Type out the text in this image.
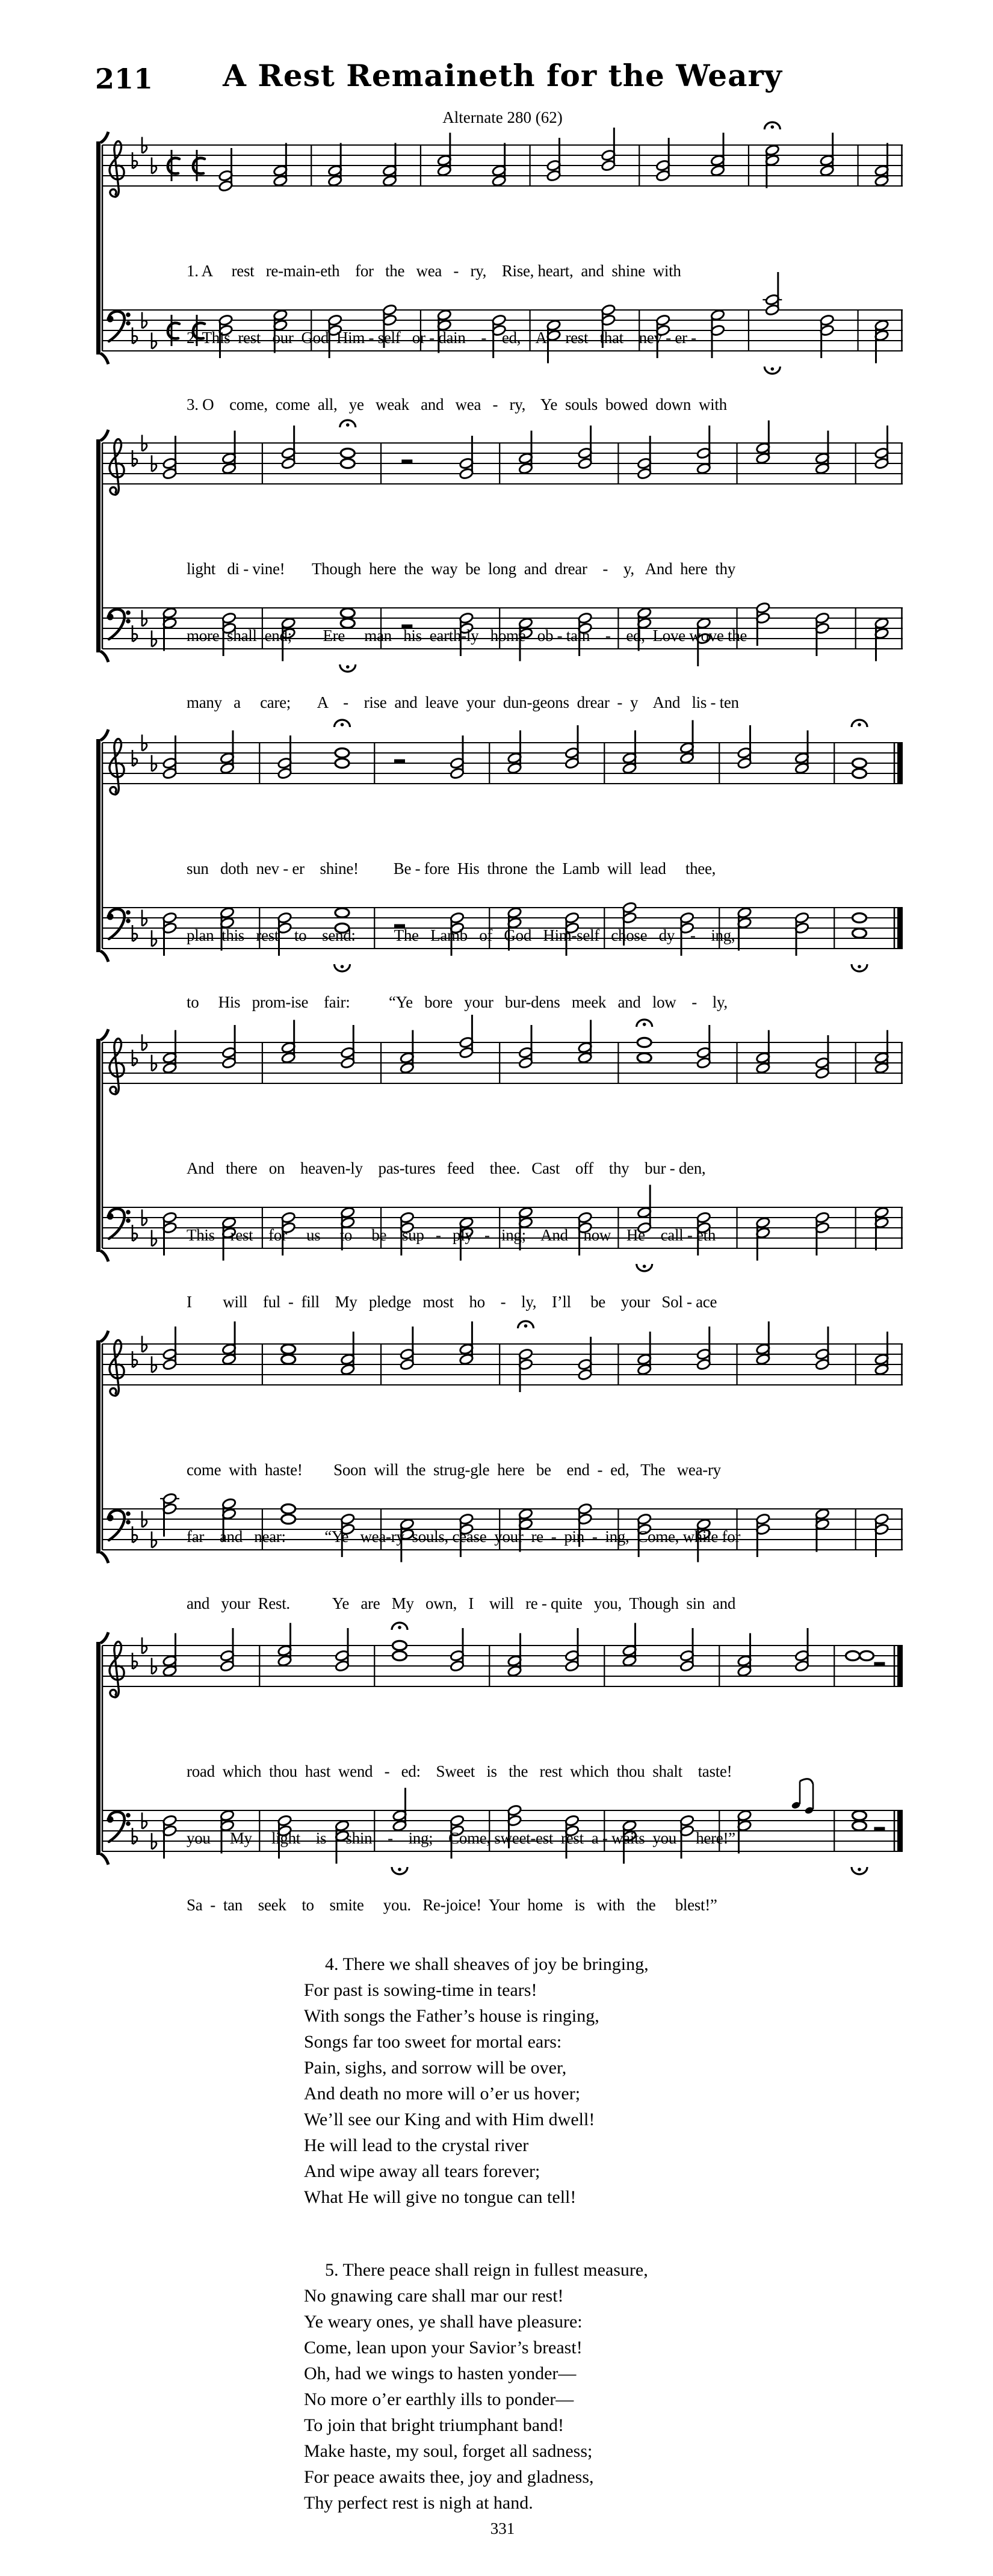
211	A Rest Remaineth for the Weary
Alternate 280 (62)

1. A     rest   re-main-eth    for   the   wea   -   ry,    Rise, heart,  and  shine  with

2. This  rest   our  God  Him - self   or - dain    -    ed,    A     rest   that    nev - er -

3. O    come,  come  all,   ye   weak   and   wea   -   ry,    Ye  souls  bowed  down  with

light   di - vine!       Though  here  the  way  be  long  and  drear    -    y,   And  here  thy

more  shall  end;        Ere     man   his  earth-ly   home   ob - tain    -    ed,  Love wove the

many   a     care;       A    -    rise  and  leave  your  dun-geons  drear  -  y    And   lis - ten

sun   doth  nev - er    shine!         Be - fore  His  throne  the  Lamb  will  lead     thee,

plan  this   rest    to    send:          The   Lamb   of   God   Him-self   chose   dy    -    ing,

to     His   prom-ise    fair:          “Ye   bore   your   bur-dens   meek   and   low    -    ly,

And   there   on    heaven-ly    pas-tures   feed    thee.   Cast    off    thy    bur - den,

This    rest    for     us     to     be    sup   -   ply   -   ing;    And    now    He    call - eth

I        will    ful  -  fill    My   pledge   most    ho    -    ly,    I’ll     be    your   Sol - ace

come  with  haste!        Soon  will  the  strug-gle  here   be    end  -  ed,   The   wea-ry

far    and   near:          “Ye   wea-ry  souls, cease  your  re  -  pin  -  ing,  Come, while for

and   your  Rest.           Ye   are   My   own,   I    will   re - quite   you,  Though  sin  and

road  which  thou  hast  wend   -   ed:    Sweet   is   the   rest  which  thou  shalt    taste!

you     My     light    is     shin    -    ing;    Come, sweet-est  rest  a - waits  you     here!”

Sa  -  tan    seek    to    smite     you.   Re-joice!  Your  home   is   with   the     blest!”

4. There we shall sheaves of joy be bringing,
For past is sowing-time in tears!
With songs the Father’s house is ringing,
Songs far too sweet for mortal ears:
Pain, sighs, and sorrow will be over,
And death no more will o’er us hover;
We’ll see our King and with Him dwell!
He will lead to the crystal river
And wipe away all tears forever;
What He will give no tongue can tell!
5. There peace shall reign in fullest measure,
No gnawing care shall mar our rest!
Ye weary ones, ye shall have pleasure:
Come, lean upon your Savior’s breast!
Oh, had we wings to hasten yonder—
No more o’er earthly ills to ponder—
To join that bright triumphant band!
Make haste, my soul, forget all sadness;
For peace awaits thee, joy and gladness,
Thy perfect rest is nigh at hand.
331
